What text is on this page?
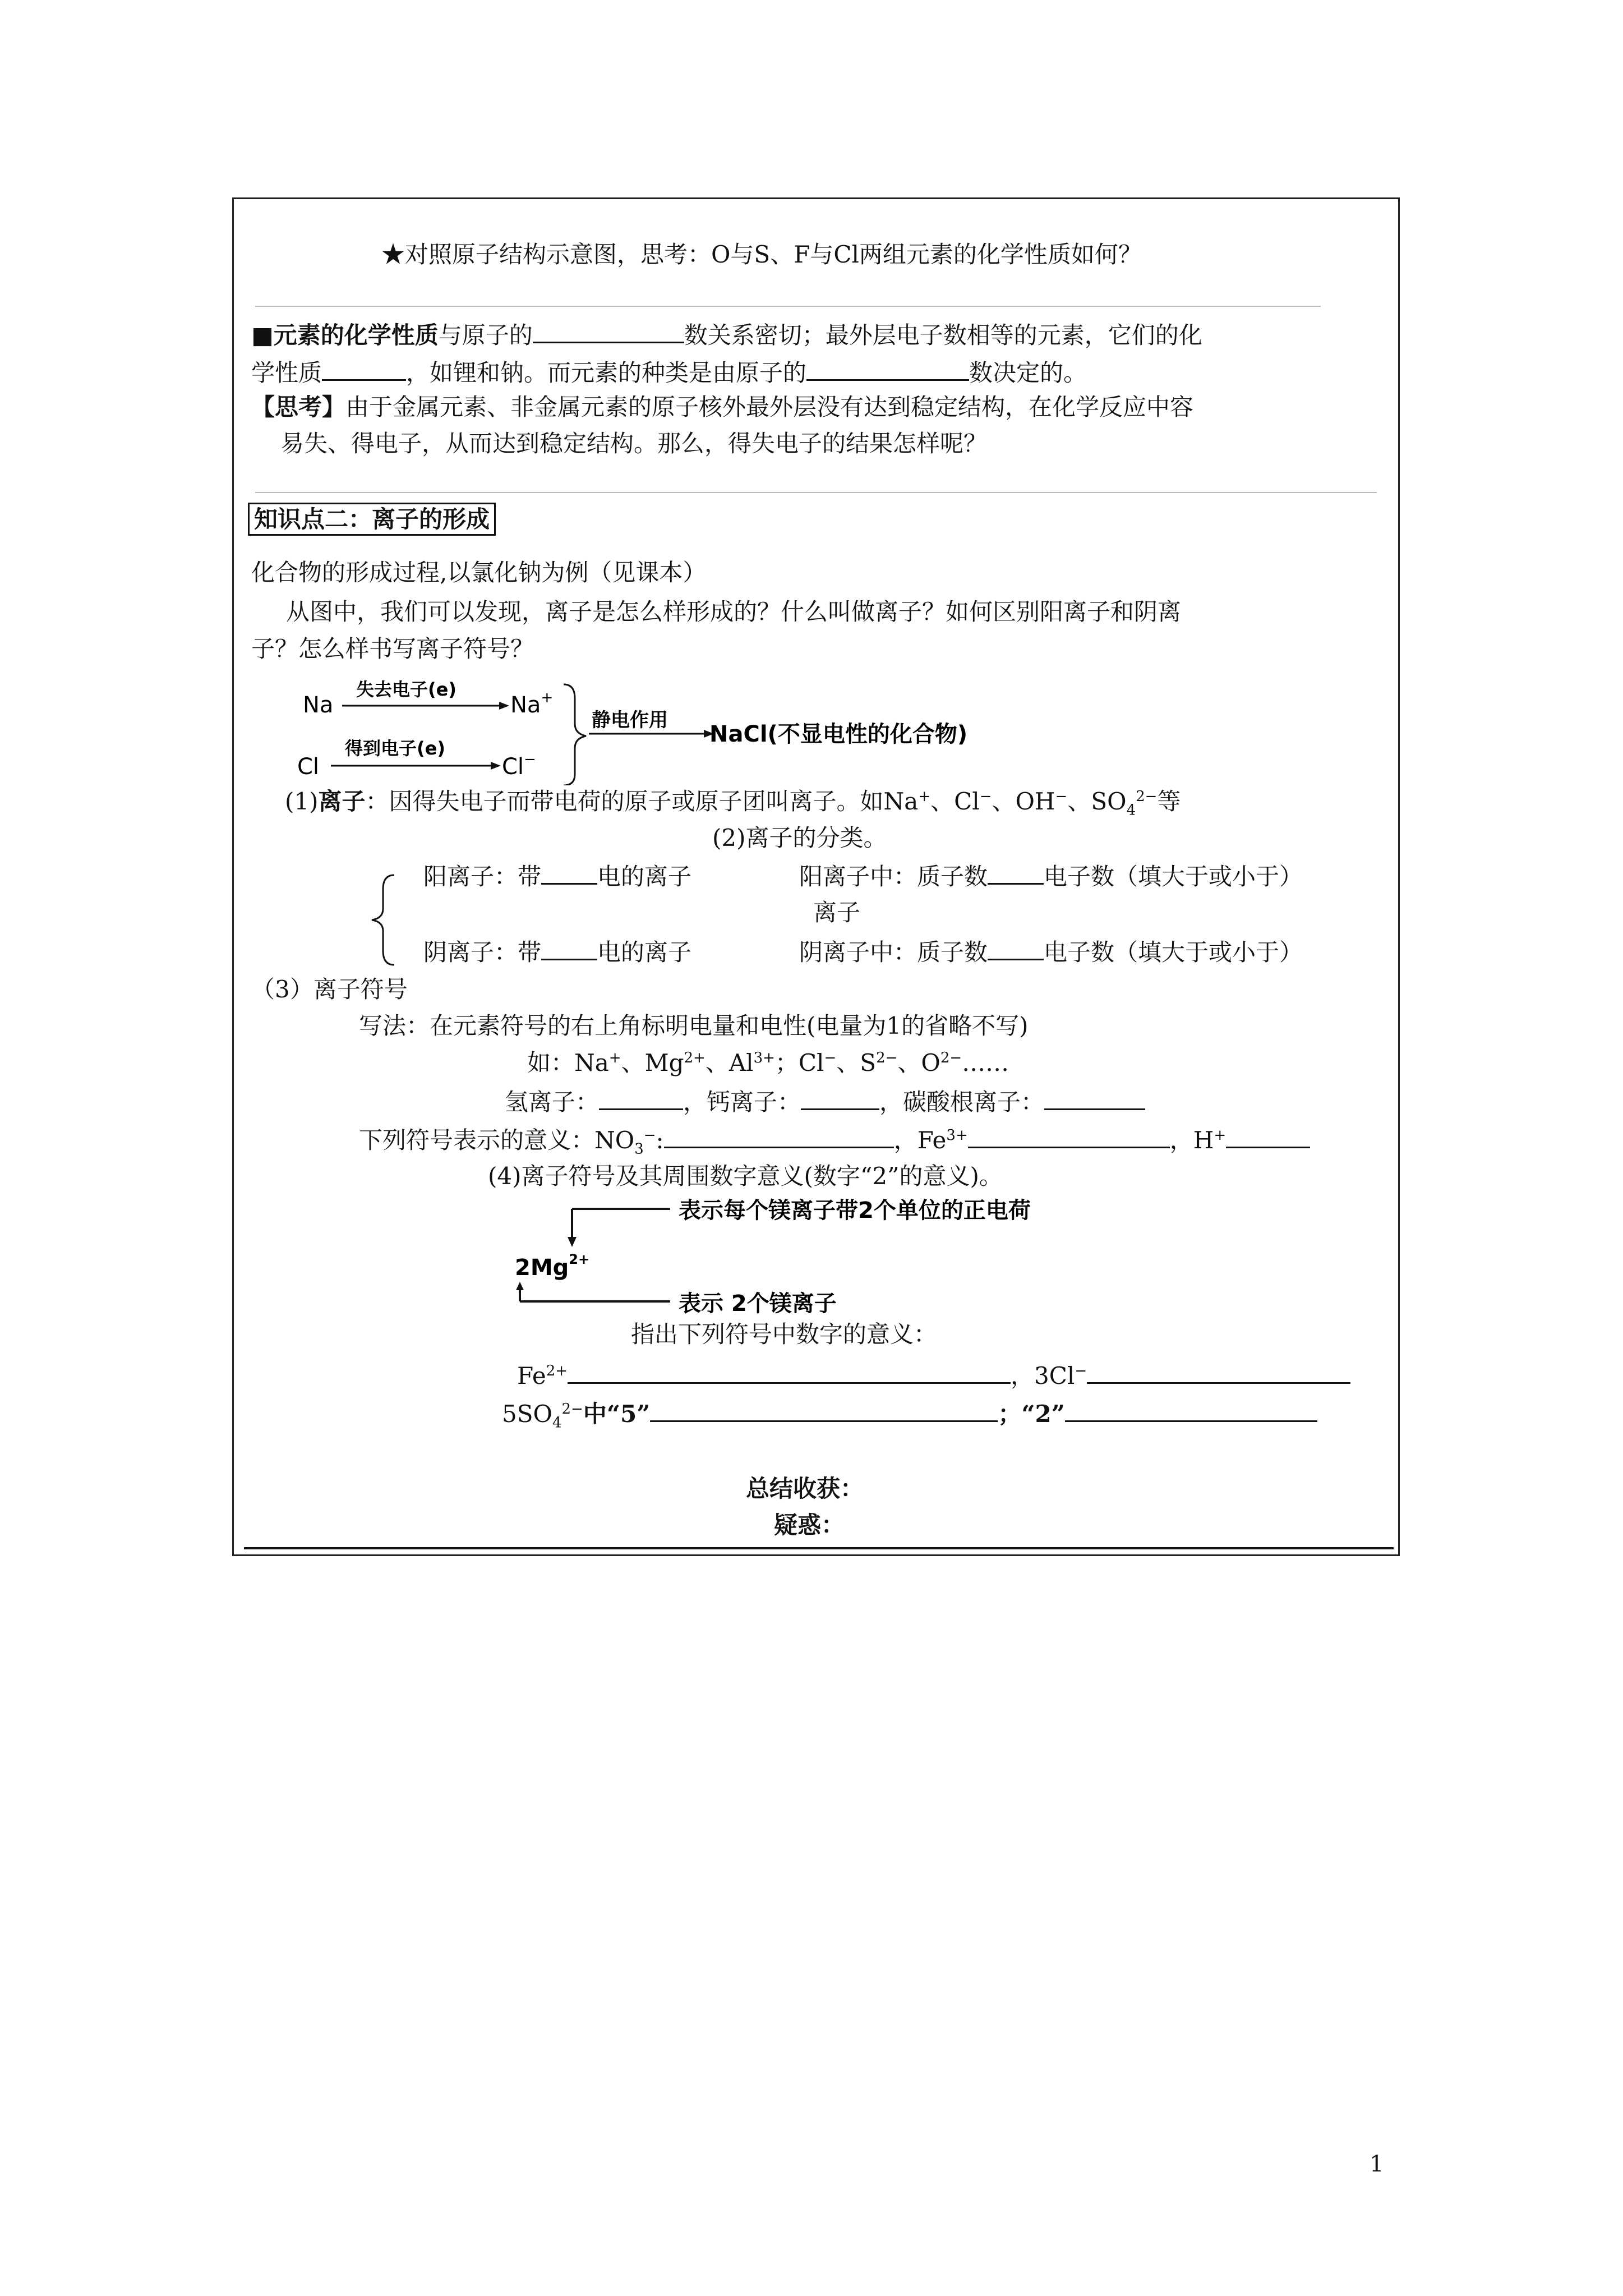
★对照原子结构示意图，思考：O与S、F与Cl两组元素的化学性质如何？
■元素的化学性质与原子的	数关系密切；最外层电子数相等的元素，它们的化
学性质	，如锂和钠。而元素的种类是由原子的	数决定的。
【思考】由于金属元素、非金属元素的原子核外最外层没有达到稳定结构，在化学反应中容
易失、得电子，从而达到稳定结构。那么，得失电子的结果怎样呢？
知识点二：离子的形成
化合物的形成过程,以氯化钠为例（见课本）
从图中，我们可以发现，离子是怎么样形成的？什么叫做离子？如何区别阳离子和阴离
子？怎么样书写离子符号？
Na
失去电子(e)
Na+
Cl
得到电子(e)
Cl−
静电作用
NaCl(不显电性的化合物)
(1)离子：因得失电子而带电荷的原子或原子团叫离子。如Na+、Cl−、OH−、$SO_4^{2-}$等
(2)离子的分类。
阳离子：带 电的离子	阳离子中：质子数 电子数（填大于或小于）
离子
阴离子：带 电的离子	阴离子中：质子数 电子数（填大于或小于）
（3）离子符号
写法：在元素符号的右上角标明电量和电性(电量为1的省略不写)
如：Na+、$Mg^{2+}$、$Al^{3+}$；Cl−、$S^{2-}$、$O^{2-}\dots\dots$
氢离子：	，钙离子：	，碳酸根离子：
下列符号表示的意义：$NO_3^-$:	，$Fe^{3+}$	，H+
(4)离子符号及其周围数字意义(数字“2”的意义)。
表示每个镁离子带2个单位的正电荷
$2Mg^{2+}$
表示 2个镁离子
指出下列符号中数字的意义：
$Fe^{2+}$	，3Cl−
$5SO_4^{2-}$中“5”	；“2”
总结收获：
疑惑：
1
